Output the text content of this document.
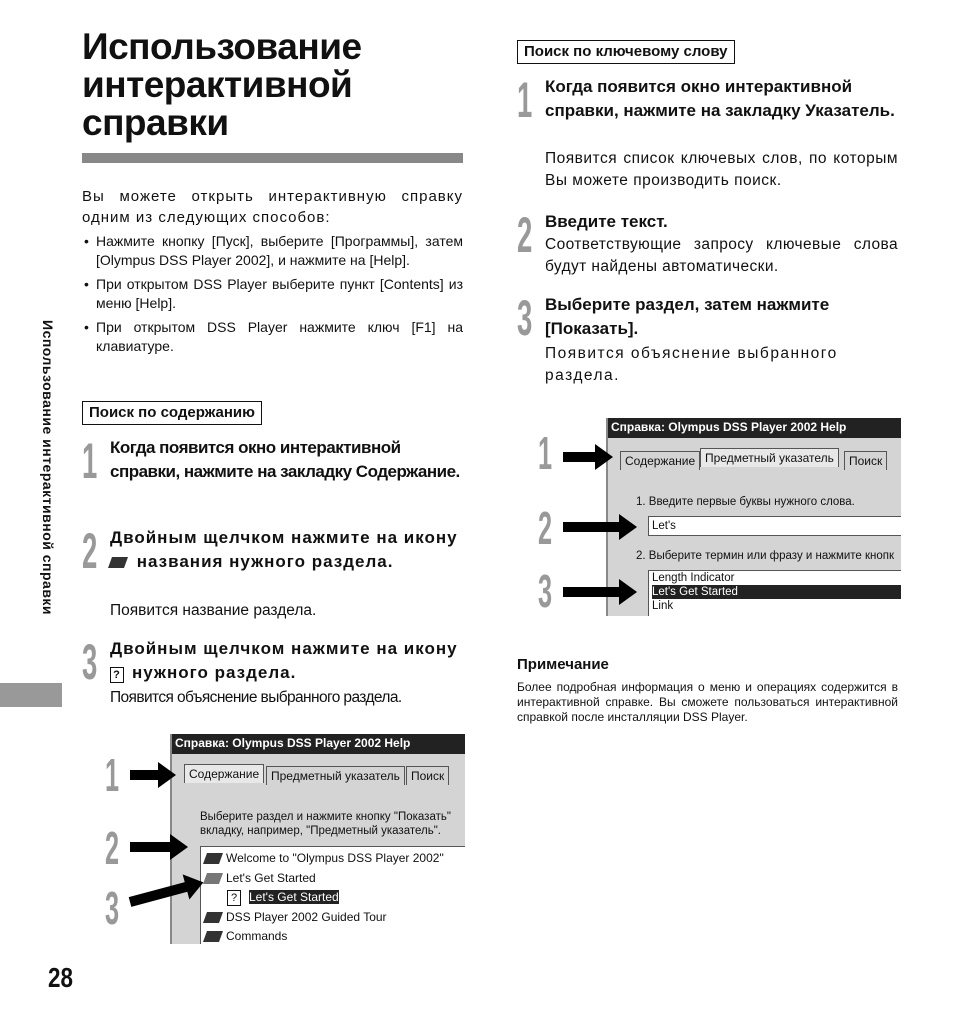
Использование интерактивной справки
Вы можете открыть интерактивную справку одним из следующих способов:
• Нажмите кнопку [Пуск], выберите [Программы], затем [Olympus DSS Player 2002], и нажмите на [Help].
• При открытом DSS Player выберите пункт [Contents] из меню [Help].
• При открытом DSS Player нажмите ключ [F1] на клавиатуре.
Использование интерактивной справки
28
Поиск по содержанию
1 Когда появится окно интерактивной справки, нажмите на закладку Содержание.
2 Двойным щелчком нажмите на икону  названия нужного раздела.
Появится название раздела.
3 Двойным щелчком нажмите на икону ? нужного раздела.
Появится объяснение выбранного раздела.
Справка: Olympus DSS Player 2002 Help
Содержание Предметный указатель Поиск
Выберите раздел и нажмите кнопку "Показать" вкладку, например, "Предметный указатель".
Welcome to "Olympus DSS Player 2002"
Let's Get Started
? Let's Get Started
DSS Player 2002 Guided Tour
Commands
1
2
3
Поиск по ключевому слову
1 Когда появится окно интерактивной справки, нажмите на закладку Указатель.
Появится список ключевых слов, по которым Вы можете производить поиск.
2 Введите текст.
Соответствующие запросу ключевые слова будут найдены автоматически.
3 Выберите раздел, затем нажмите [Показать].
Появится объяснение выбранного раздела.
Справка: Olympus DSS Player 2002 Help
Содержание Предметный указатель	Поиск
1. Введите первые буквы нужного слова.
Let's
2. Выберите термин или фразу и нажмите кнопк
Length Indicator
Let's Get Started
Link
1
2
3
Примечание
Более подробная информация о меню и операциях содержится в интерактивной справке. Вы сможете пользоваться интерактивной справкой после инсталляции DSS Player.
